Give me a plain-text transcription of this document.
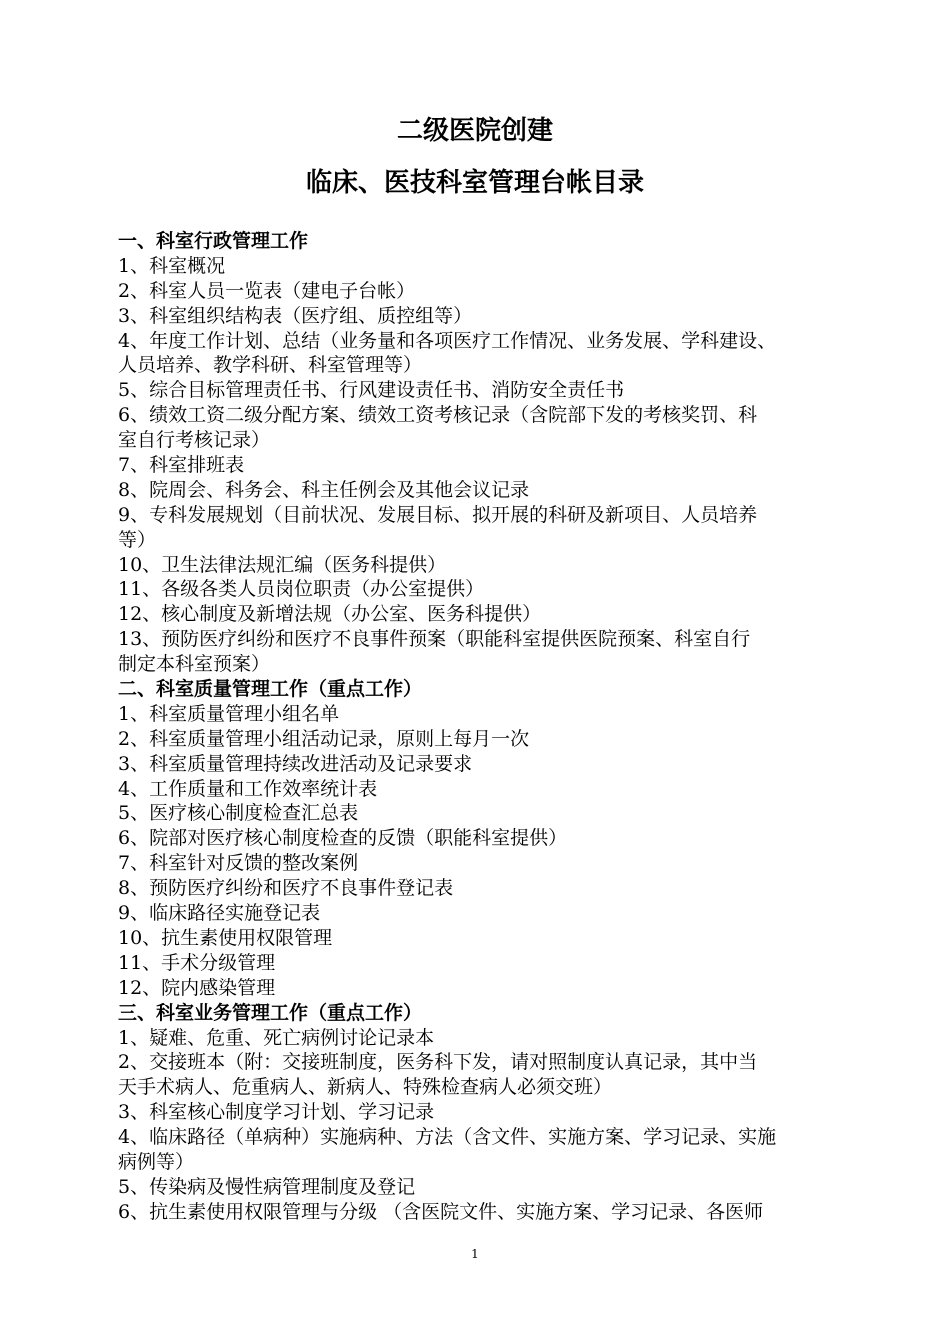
二级医院创建
临床、医技科室管理台帐目录
一、科室行政管理工作
1、科室概况
2、科室人员一览表（建电子台帐）
3、科室组织结构表（医疗组、质控组等）
4、年度工作计划、总结（业务量和各项医疗工作情况、业务发展、学科建设、
人员培养、教学科研、科室管理等）
5、综合目标管理责任书、行风建设责任书、消防安全责任书
6、绩效工资二级分配方案、绩效工资考核记录（含院部下发的考核奖罚、科
室自行考核记录）
7、科室排班表
8、院周会、科务会、科主任例会及其他会议记录
9、专科发展规划（目前状况、发展目标、拟开展的科研及新项目、人员培养
等）
10、卫生法律法规汇编（医务科提供）
11、各级各类人员岗位职责（办公室提供）
12、核心制度及新增法规（办公室、医务科提供）
13、预防医疗纠纷和医疗不良事件预案（职能科室提供医院预案、科室自行
制定本科室预案）
二、科室质量管理工作（重点工作）
1、科室质量管理小组名单
2、科室质量管理小组活动记录，原则上每月一次
3、科室质量管理持续改进活动及记录要求
4、工作质量和工作效率统计表
5、医疗核心制度检查汇总表
6、院部对医疗核心制度检查的反馈（职能科室提供）
7、科室针对反馈的整改案例
8、预防医疗纠纷和医疗不良事件登记表
9、临床路径实施登记表
10、抗生素使用权限管理
11、手术分级管理
12、院内感染管理
三、科室业务管理工作（重点工作）
1、疑难、危重、死亡病例讨论记录本
2、交接班本（附：交接班制度，医务科下发，请对照制度认真记录，其中当
天手术病人、危重病人、新病人、特殊检查病人必须交班）
3、科室核心制度学习计划、学习记录
4、临床路径（单病种）实施病种、方法（含文件、实施方案、学习记录、实施
病例等）
5、传染病及慢性病管理制度及登记
6、抗生素使用权限管理与分级 （含医院文件、实施方案、学习记录、各医师
1
